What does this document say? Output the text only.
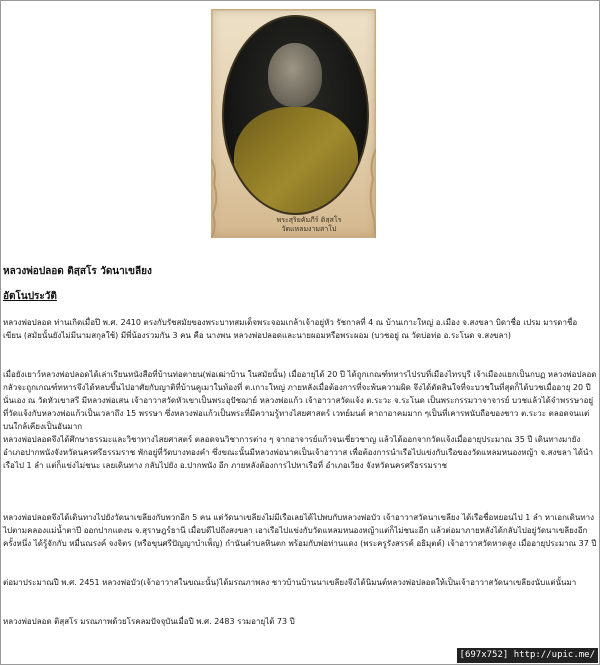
พระสุริยคัมภีร์ ติสฺสโร
วัดแหลมงามสาโป
หลวงพ่อปลอด ติสฺสโร วัดนาเขลียง
อัตโนประวัติ

หลวงพ่อปลอด ท่านเกิดเมื่อปี พ.ศ. 2410 ตรงกับรัชสมัยของพระบาทสมเด็จพระจอมเกล้าเจ้าอยู่หัว รัชกาลที่ 4 ณ บ้านเกาะใหญ่ อ.เมือง จ.สงขลา บิดาชื่อ เปรม มารดาชื่อ เขียน (สมัยนั้นยังไม่มีนามสกุลใช้) มีพี่น้องรวมกัน 3 คน คือ นางพน หลวงพ่อปลอดและนายผอมหรือพระผอม (บวชอยู่ ณ วัดบ่อท่อ อ.ระโนด จ.สงขลา)

เมื่อยังเยาว์หลวงพ่อปลอดได้เล่าเรียนหนังสือที่บ้านท่อตายน(พ่อเฒ่าบ้าน ในสมัยนั้น) เมื่ออายุได้ 20 ปี ได้ถูกเกณฑ์ทหารไปรบที่เมืองไทรบุรี เจ้าเมืองแยกเป็นกบฏ หลวงพ่อปลอด กลัวจะถูกเกณฑ์ทหารจึงได้หลบขึ้นไปอาศัยกับญาติที่บ้านคูเมาในท้องที่ ต.เกาะใหญ่ ภายหลังเมื่อต้องการที่จะพ้นความผิด จึงได้ตัดสินใจที่จะบวชในที่สุดก็ได้บวชเมื่ออายุ 20 ปีนั่นเอง ณ วัดหัวเขาสรี มีหลวงพ่อเสน เจ้าอาวาสวัดหัวเขาเป็นพระอุปัชฌาย์ หลวงพ่อแก้ว เจ้าอาวาสวัดแจ้ง ต.ระวะ จ.ระโนด เป็นพระกรรมวาจาจารย์ บวชแล้วได้จำพรรษาอยู่ที่วัดแจ้งกับหลวงพ่อแก้วเป็นเวลาถึง 15 พรรษา ซึ่งหลวงพ่อแก้วเป็นพระที่มีความรู้ทางไสยศาสตร์ เวทย์มนต์ คาถาอาคมมาก ๆเป็นที่เคารพนับถือของชาว ต.ระวะ ตลอดจนแต่บนใกล้เคียงเป็นอันมาก

หลวงพ่อปลอดจึงได้ศึกษาธรรมะและวิชาทางไสยศาสตร์ ตลอดจนวิชาการต่าง ๆ จากอาจารย์แก้วจนเชี่ยวชาญ แล้วได้ออกจากวัดแจ้งเมื่ออายุประมาณ 35 ปี เดินทางมายัง อำเภอปากพนังจังหวัดนครศรีธรรมราช พักอยู่ที่วัดบางทองคำ ซึ่งขณะนั้นมีหลวงพ่อนาคเป็นเจ้าอาวาส เพื่อต้องการนำเรือไปแข่งกับเรือของวัดแหลมหนองหญ้า จ.สงขลา ได้นำเรือไป 1 ลำ แต่ก็แข่งไม่ชนะ เลยเดินทาง กลับไปยัง อ.ปากพนัง อีก ภายหลังต้องการไปหาเรือที่ อำเภอเวียง จังหวัดนครศรีธรรมราช

หลวงพ่อปลอดจึงได้เดินทางไปยังวัดนาเขลียงกับพวกอีก 5 คน แต่วัดนาเขลียงไม่มีเรือเลยได้ไปพบกับหลวงพ่อบัว เจ้าอาวาสวัดนาเขลียง ได้เรือชื่อหยอนไป 1 ลำ หาเอกเดินทางไปตามคลองแม่น้ำตาปี ออกปากแดงน จ.สุราษฎร์ธานี เมื่อบดีไปถึงสงขลา เอาเรือไปแข่งกับวัดแหลมหนองหญ้าแต่ก็ไม่ชนะอีก แล้วต่อมาภายหลังได้กลับไปอยู่วัดนาเขลียงอีกครั้งหนึ่ง ได้รู้จักกับ หมื่นณรงค์ จงจิตร (หรือขุนศรีปัญญาบำเพ็ญ) กำนันตำบลหินตก พร้อมกับพ่อท่านแดง (พระครูรังสรรค์ อธิมุตต์) เจ้าอาวาสวัดหาดสูง เมื่ออายุประมาณ 37 ปี

ต่อมาประมาณปี พ.ศ. 2451 หลวงพ่อบัว(เจ้าอาวาสในขณะนั้น)ได้มรณภาพลง ชาวบ้านบ้านนาเขลียงจึงได้นิมนต์หลวงพ่อปลอดให้เป็นเจ้าอาวาสวัดนาเขลียงนับแต่นั้นมา

หลวงพ่อปลอด ติสฺสโร มรณภาพด้วยโรคลมปัจจุบันเมื่อปี พ.ศ. 2483 รวมอายุได้ 73 ปี

[697x752] http://upic.me/
